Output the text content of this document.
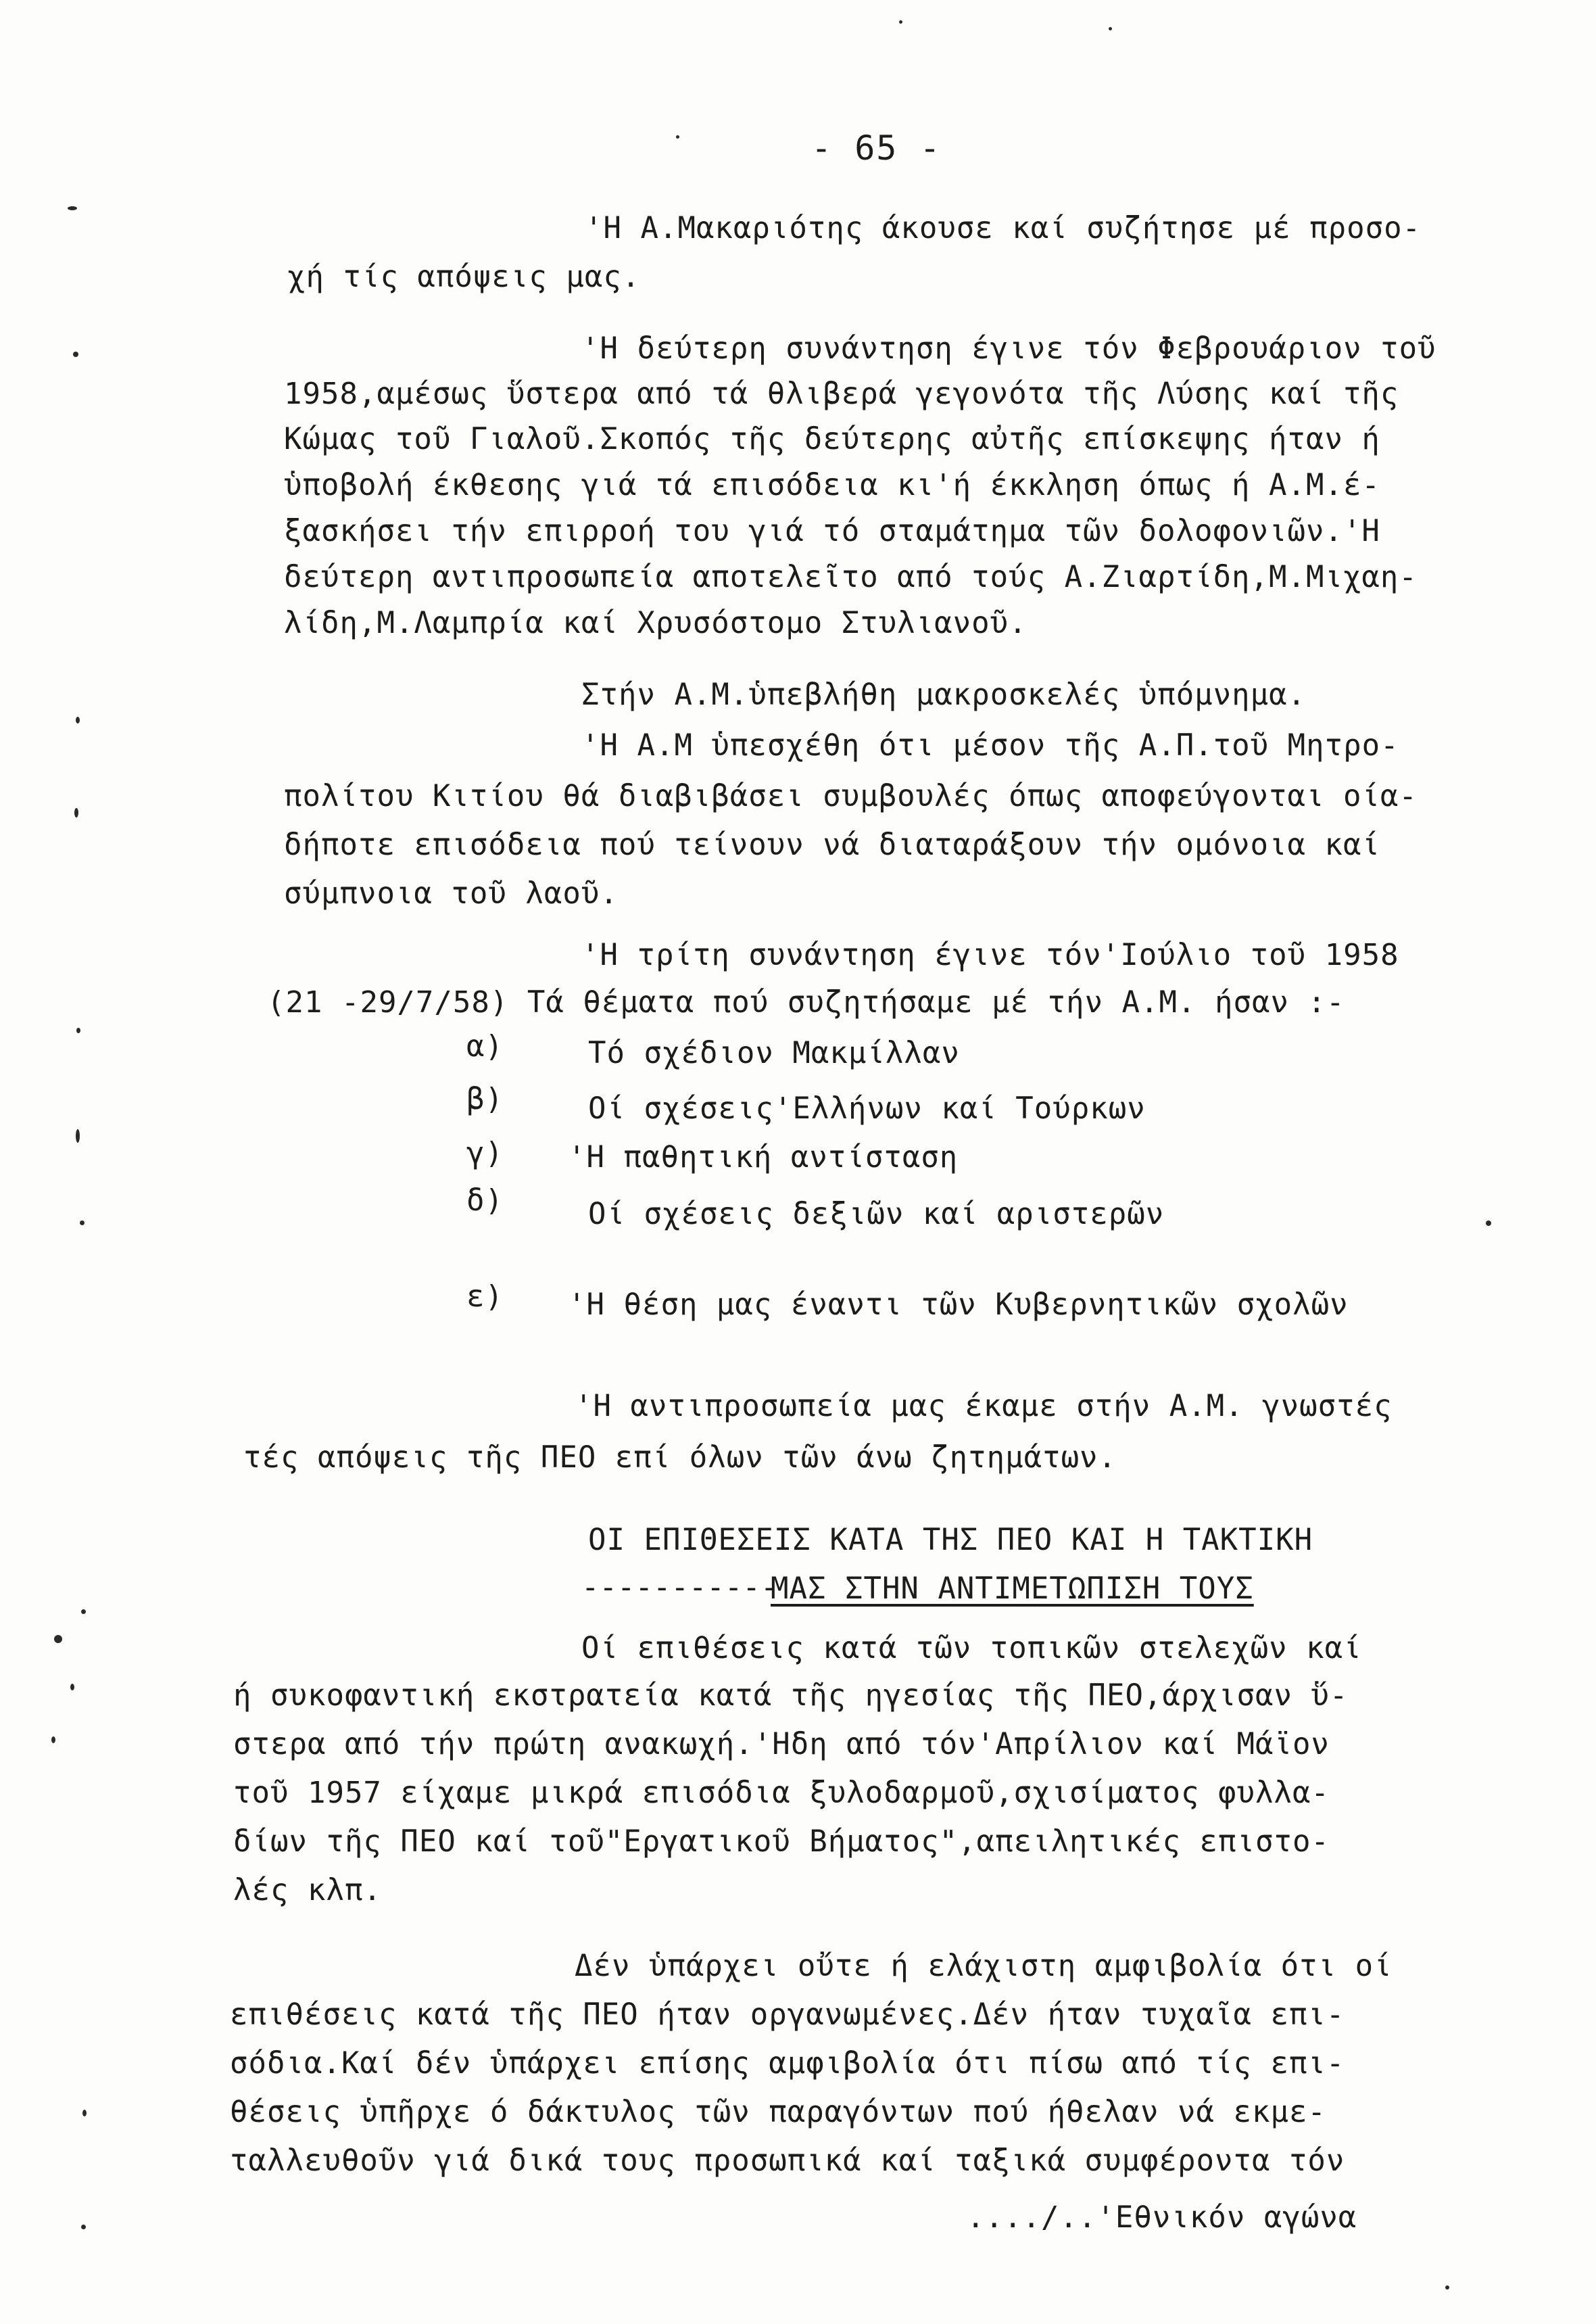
- 65 -
'Η Α.Μακαριότης άκουσε καί συζήτησε μέ προσο-
χή τίς απόψεις μας.
'Η δεύτερη συνάντηση έγινε τόν Φεβρουάριον τοῦ
1958,αμέσως ὕστερα από τά θλιβερά γεγονότα τῆς Λύσης καί τῆς
Κώμας τοῦ Γιαλοῦ.Σκοπός τῆς δεύτερης αὐτῆς επίσκεψης ήταν ή
ὑποβολή έκθεσης γιά τά επισόδεια κι'ή έκκληση όπως ή Α.Μ.έ-
ξασκήσει τήν επιρροή του γιά τό σταμάτημα τῶν δολοφονιῶν.'Η
δεύτερη αντιπροσωπεία αποτελεῖτο από τούς Α.Ζιαρτίδη,Μ.Μιχαη-
λίδη,Μ.Λαμπρία καί Χρυσόστομο Στυλιανοῦ.
Στήν Α.Μ.ὑπεβλήθη μακροσκελές ὑπόμνημα.
'Η Α.Μ ὑπεσχέθη ότι μέσον τῆς Α.Π.τοῦ Μητρο-
πολίτου Κιτίου θά διαβιβάσει συμβουλές όπως αποφεύγονται οία-
δήποτε επισόδεια πού τείνουν νά διαταράξουν τήν ομόνοια καί
σύμπνοια τοῦ λαοῦ.
'Η τρίτη συνάντηση έγινε τόν'Ιούλιο τοῦ 1958
(21 -29/7/58) Τά θέματα πού συζητήσαμε μέ τήν Α.Μ. ήσαν :-
α)	Τό σχέδιον Μακμίλλαν
β)	Οί σχέσεις'Ελλήνων καί Τούρκων
γ) 'Η παθητική αντίσταση
δ)	Οί σχέσεις δεξιῶν καί αριστερῶν
ε) 'Η θέση μας έναντι τῶν Κυβερνητικῶν σχολῶν
'Η αντιπροσωπεία μας έκαμε στήν Α.Μ. γνωστές
τές απόψεις τῆς ΠΕΟ επί όλων τῶν άνω ζητημάτων.
ΟΙ ΕΠΙΘΕΣΕΙΣ ΚΑΤΑ ΤΗΣ ΠΕΟ ΚΑΙ Η ΤΑΚΤΙΚΗ
-----------
ΜΑΣ ΣΤΗΝ ΑΝΤΙΜΕΤΩΠΙΣΗ ΤΟΥΣ
Οί επιθέσεις κατά τῶν τοπικῶν στελεχῶν καί
ή συκοφαντική εκστρατεία κατά τῆς ηγεσίας τῆς ΠΕΟ,άρχισαν ὕ-
στερα από τήν πρώτη ανακωχή.'Ηδη από τόν'Απρίλιον καί Μάϊον
τοῦ 1957 είχαμε μικρά επισόδια ξυλοδαρμοῦ,σχισίματος φυλλα-
δίων τῆς ΠΕΟ καί τοῦ"Εργατικοῦ Βήματος",απειλητικές επιστο-
λές κλπ.
Δέν ὑπάρχει οὔτε ή ελάχιστη αμφιβολία ότι οί
επιθέσεις κατά τῆς ΠΕΟ ήταν οργανωμένες.Δέν ήταν τυχαῖα επι-
σόδια.Καί δέν ὑπάρχει επίσης αμφιβολία ότι πίσω από τίς επι-
θέσεις ὑπῆρχε ό δάκτυλος τῶν παραγόντων πού ήθελαν νά εκμε-
ταλλευθοῦν γιά δικά τους προσωπικά καί ταξικά συμφέροντα τόν
..../..'Εθνικόν αγώνα
